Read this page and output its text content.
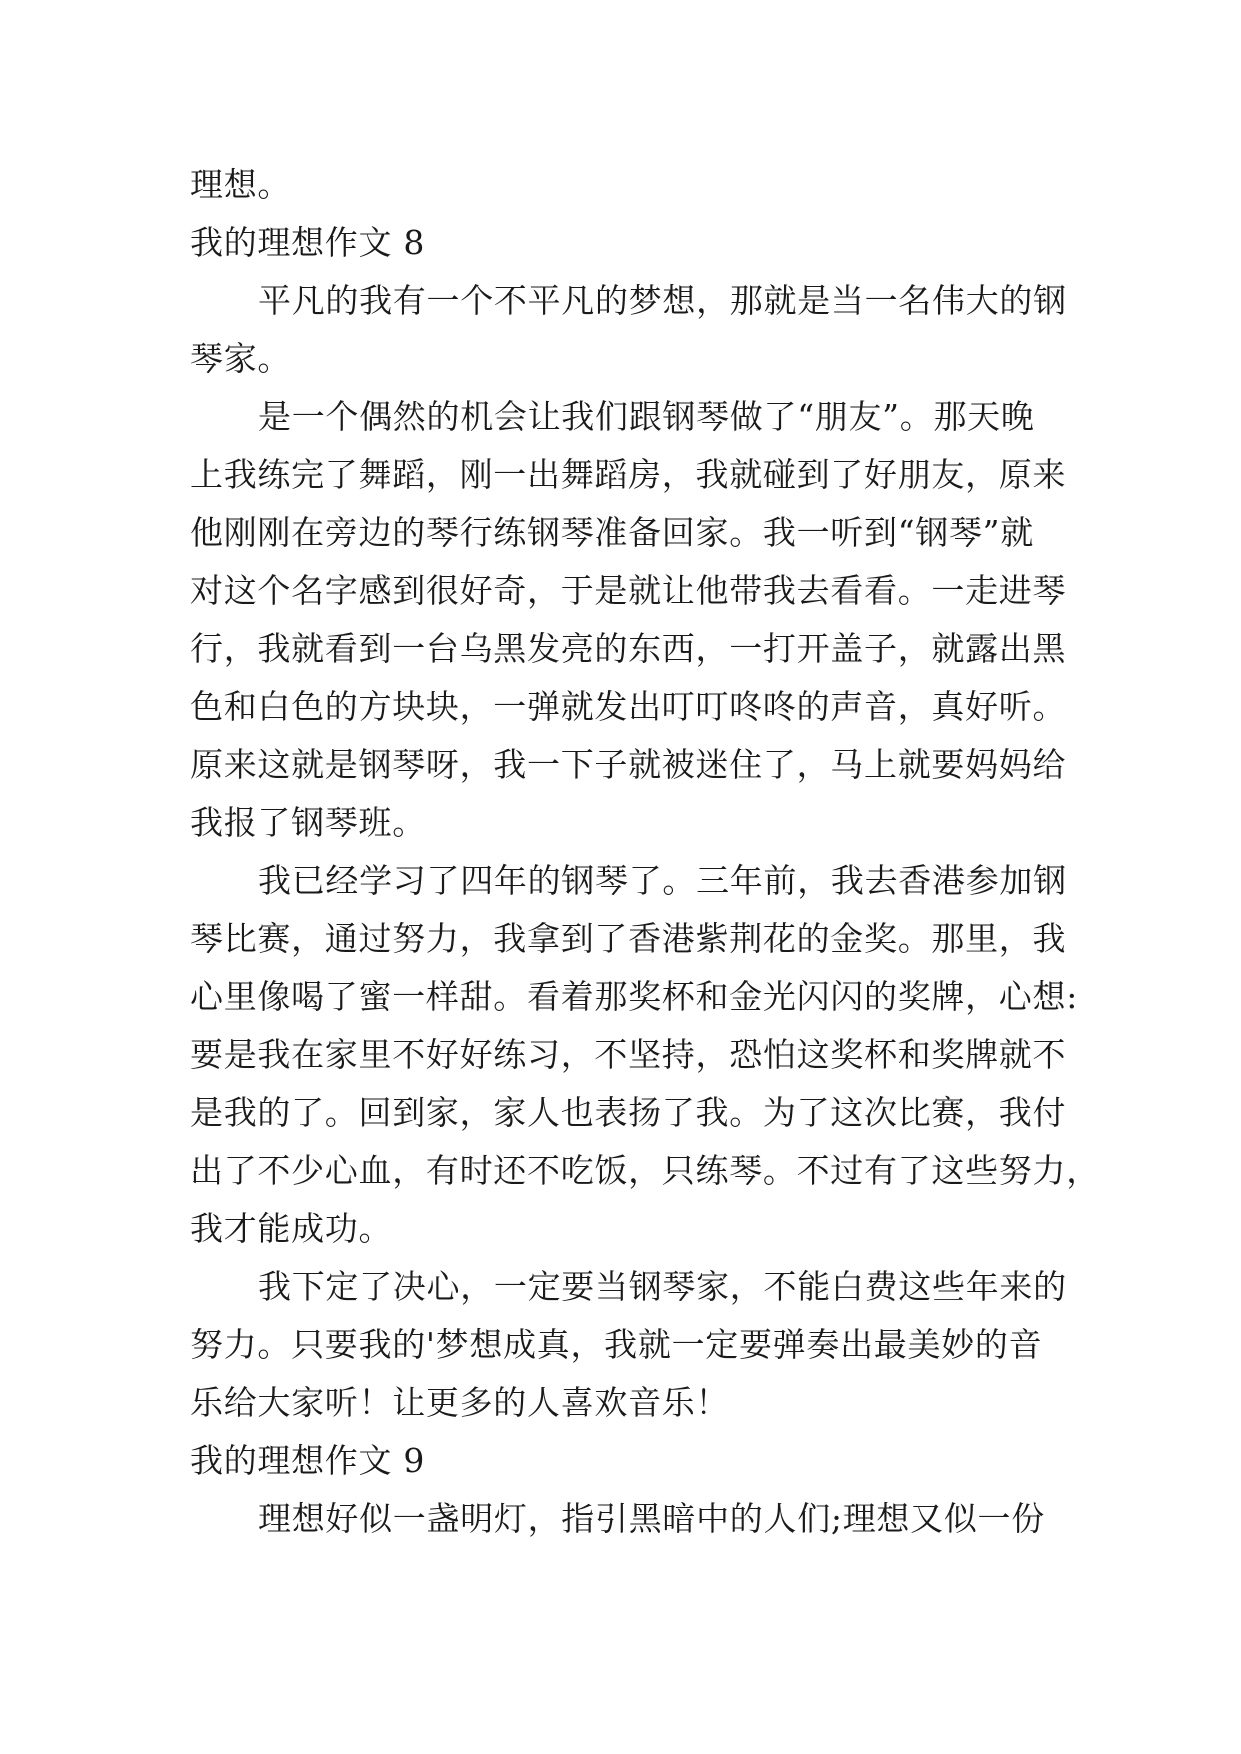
理想。
我的理想作文 8
平凡的我有一个不平凡的梦想，那就是当一名伟大的钢
琴家。
是一个偶然的机会让我们跟钢琴做了“朋友”。那天晚
上我练完了舞蹈，刚一出舞蹈房，我就碰到了好朋友，原来
他刚刚在旁边的琴行练钢琴准备回家。我一听到“钢琴”就
对这个名字感到很好奇，于是就让他带我去看看。一走进琴
行，我就看到一台乌黑发亮的东西，一打开盖子，就露出黑
色和白色的方块块，一弹就发出叮叮咚咚的声音，真好听。
原来这就是钢琴呀，我一下子就被迷住了，马上就要妈妈给
我报了钢琴班。
我已经学习了四年的钢琴了。三年前，我去香港参加钢
琴比赛，通过努力，我拿到了香港紫荆花的金奖。那里，我
心里像喝了蜜一样甜。看着那奖杯和金光闪闪的奖牌，心想:
要是我在家里不好好练习，不坚持，恐怕这奖杯和奖牌就不
是我的了。回到家，家人也表扬了我。为了这次比赛，我付
出了不少心血，有时还不吃饭，只练琴。不过有了这些努力，
我才能成功。
我下定了决心，一定要当钢琴家，不能白费这些年来的
努力。只要我的'梦想成真，我就一定要弹奏出最美妙的音
乐给大家听！让更多的人喜欢音乐！
我的理想作文 9
理想好似一盏明灯，指引黑暗中的人们;理想又似一份
